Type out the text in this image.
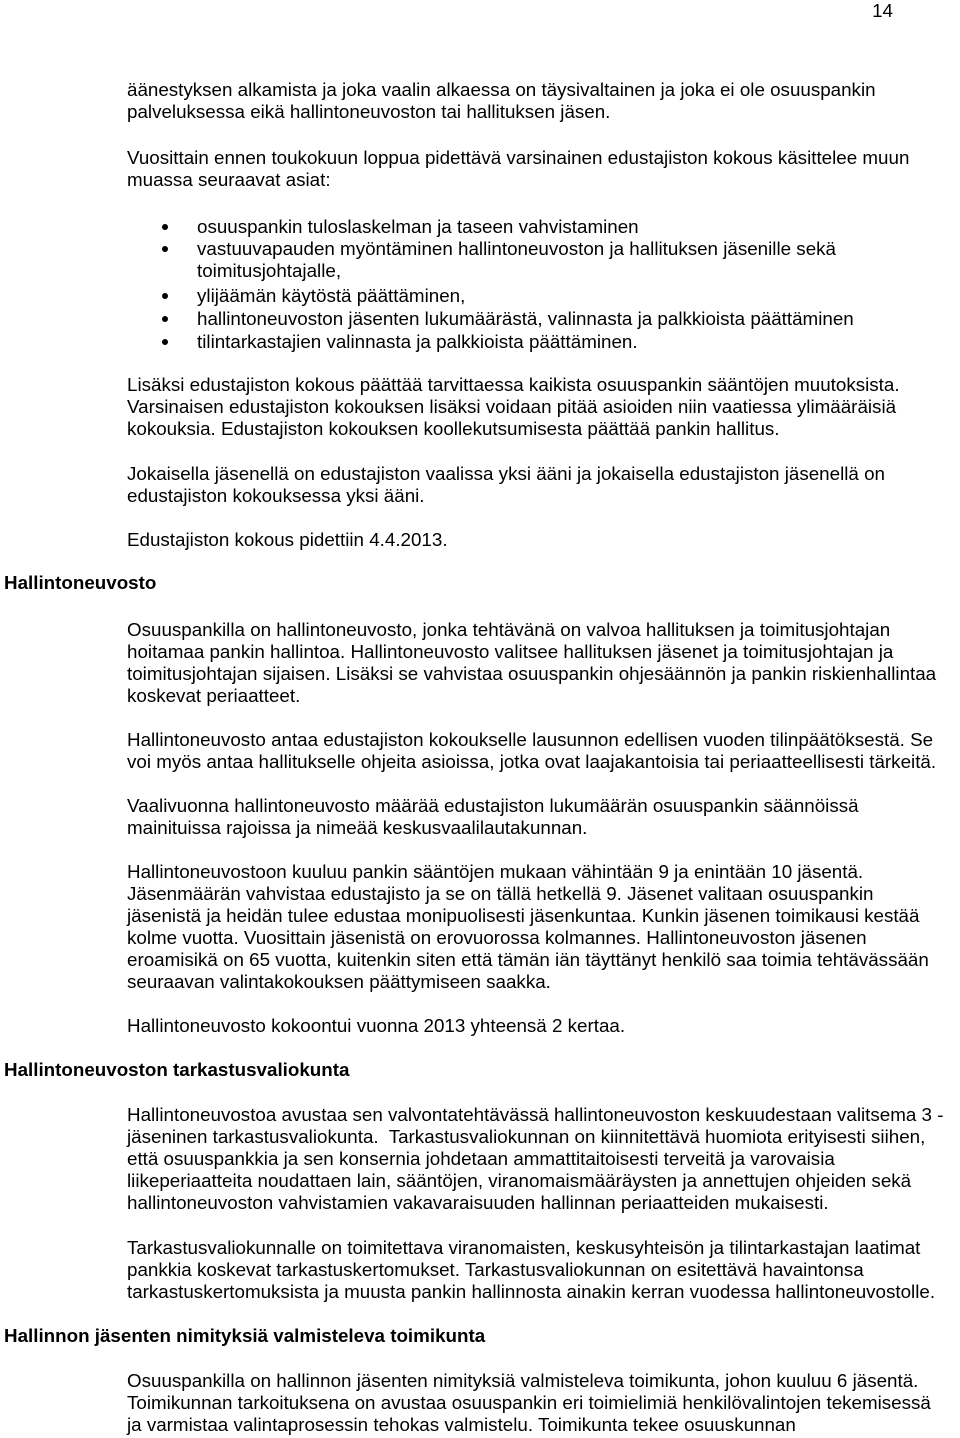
14
äänestyksen alkamista ja joka vaalin alkaessa on täysivaltainen ja joka ei ole osuuspankin
palveluksessa eikä hallintoneuvoston tai hallituksen jäsen.
Vuosittain ennen toukokuun loppua pidettävä varsinainen edustajiston kokous käsittelee muun
muassa seuraavat asiat:
osuuspankin tuloslaskelman ja taseen vahvistaminen
vastuuvapauden myöntäminen hallintoneuvoston ja hallituksen jäsenille sekä
toimitusjohtajalle,
ylijäämän käytöstä päättäminen,
hallintoneuvoston jäsenten lukumäärästä, valinnasta ja palkkioista päättäminen
tilintarkastajien valinnasta ja palkkioista päättäminen.
Lisäksi edustajiston kokous päättää tarvittaessa kaikista osuuspankin sääntöjen muutoksista.
Varsinaisen edustajiston kokouksen lisäksi voidaan pitää asioiden niin vaatiessa ylimääräisiä
kokouksia. Edustajiston kokouksen koollekutsumisesta päättää pankin hallitus.
Jokaisella jäsenellä on edustajiston vaalissa yksi ääni ja jokaisella edustajiston jäsenellä on
edustajiston kokouksessa yksi ääni.
Edustajiston kokous pidettiin 4.4.2013.
Hallintoneuvosto
Osuuspankilla on hallintoneuvosto, jonka tehtävänä on valvoa hallituksen ja toimitusjohtajan
hoitamaa pankin hallintoa. Hallintoneuvosto valitsee hallituksen jäsenet ja toimitusjohtajan ja
toimitusjohtajan sijaisen. Lisäksi se vahvistaa osuuspankin ohjesäännön ja pankin riskienhallintaa
koskevat periaatteet.
Hallintoneuvosto antaa edustajiston kokoukselle lausunnon edellisen vuoden tilinpäätöksestä. Se
voi myös antaa hallitukselle ohjeita asioissa, jotka ovat laajakantoisia tai periaatteellisesti tärkeitä.
Vaalivuonna hallintoneuvosto määrää edustajiston lukumäärän osuuspankin säännöissä
mainituissa rajoissa ja nimeää keskusvaalilautakunnan.
Hallintoneuvostoon kuuluu pankin sääntöjen mukaan vähintään 9 ja enintään 10 jäsentä.
Jäsenmäärän vahvistaa edustajisto ja se on tällä hetkellä 9. Jäsenet valitaan osuuspankin
jäsenistä ja heidän tulee edustaa monipuolisesti jäsenkuntaa. Kunkin jäsenen toimikausi kestää
kolme vuotta. Vuosittain jäsenistä on erovuorossa kolmannes. Hallintoneuvoston jäsenen
eroamisikä on 65 vuotta, kuitenkin siten että tämän iän täyttänyt henkilö saa toimia tehtävässään
seuraavan valintakokouksen päättymiseen saakka.
Hallintoneuvosto kokoontui vuonna 2013 yhteensä 2 kertaa.
Hallintoneuvoston tarkastusvaliokunta
Hallintoneuvostoa avustaa sen valvontatehtävässä hallintoneuvoston keskuudestaan valitsema 3 -
jäseninen tarkastusvaliokunta.  Tarkastusvaliokunnan on kiinnitettävä huomiota erityisesti siihen,
että osuuspankkia ja sen konsernia johdetaan ammattitaitoisesti terveitä ja varovaisia
liikeperiaatteita noudattaen lain, sääntöjen, viranomaismääräysten ja annettujen ohjeiden sekä
hallintoneuvoston vahvistamien vakavaraisuuden hallinnan periaatteiden mukaisesti.
Tarkastusvaliokunnalle on toimitettava viranomaisten, keskusyhteisön ja tilintarkastajan laatimat
pankkia koskevat tarkastuskertomukset. Tarkastusvaliokunnan on esitettävä havaintonsa
tarkastuskertomuksista ja muusta pankin hallinnosta ainakin kerran vuodessa hallintoneuvostolle.
Hallinnon jäsenten nimityksiä valmisteleva toimikunta
Osuuspankilla on hallinnon jäsenten nimityksiä valmisteleva toimikunta, johon kuuluu 6 jäsentä.
Toimikunnan tarkoituksena on avustaa osuuspankin eri toimielimiä henkilövalintojen tekemisessä
ja varmistaa valintaprosessin tehokas valmistelu. Toimikunta tekee osuuskunnan
